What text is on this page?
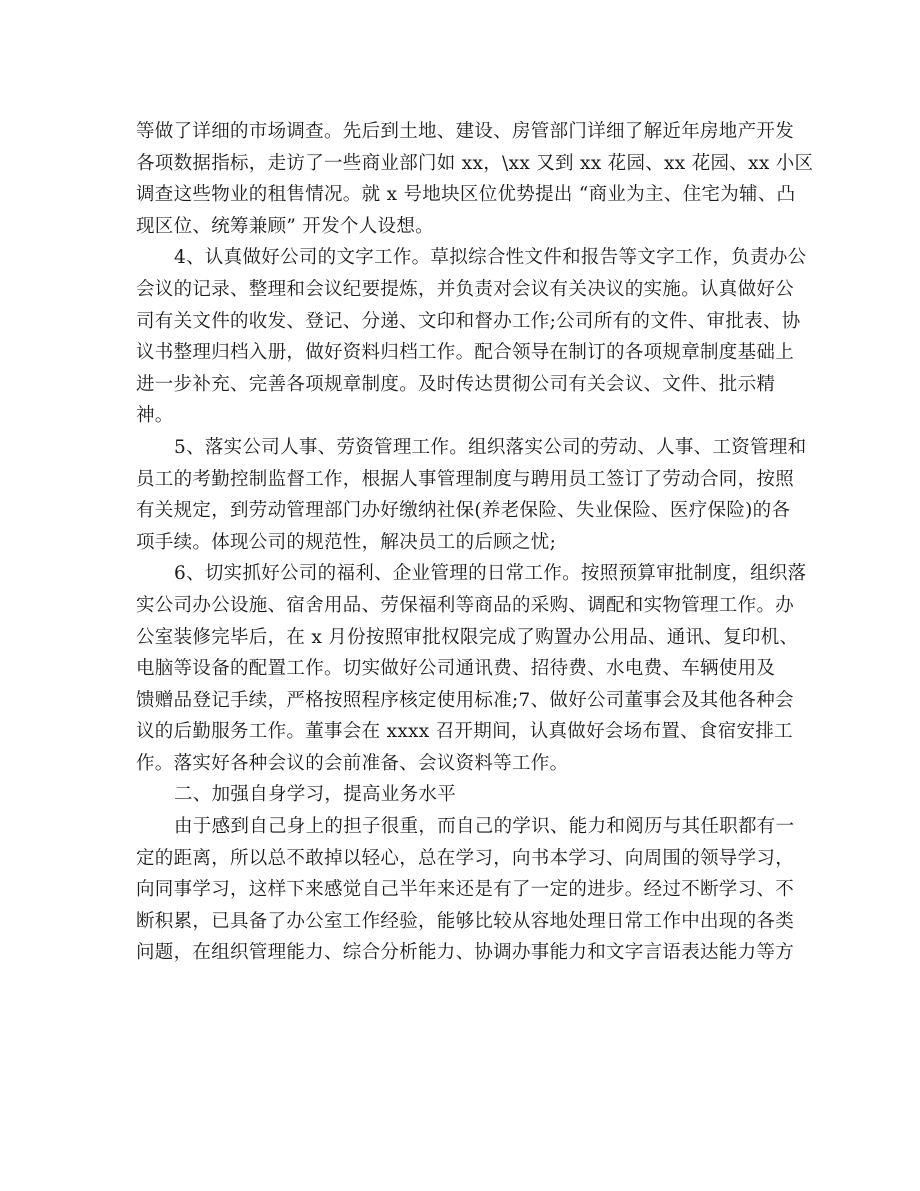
等做了详细的市场调查。先后到土地、建设、房管部门详细了解近年房地产开发
各项数据指标，走访了一些商业部门如 xx，\xx 又到 xx 花园、xx 花园、xx 小区
调查这些物业的租售情况。就 x 号地块区位优势提出 “商业为主、住宅为辅、凸
现区位、统筹兼顾” 开发个人设想。
4、认真做好公司的文字工作。草拟综合性文件和报告等文字工作，负责办公
会议的记录、整理和会议纪要提炼，并负责对会议有关决议的实施。认真做好公
司有关文件的收发、登记、分递、文印和督办工作;公司所有的文件、审批表、协
议书整理归档入册，做好资料归档工作。配合领导在制订的各项规章制度基础上
进一步补充、完善各项规章制度。及时传达贯彻公司有关会议、文件、批示精
神。
5、落实公司人事、劳资管理工作。组织落实公司的劳动、人事、工资管理和
员工的考勤控制监督工作，根据人事管理制度与聘用员工签订了劳动合同，按照
有关规定，到劳动管理部门办好缴纳社保(养老保险、失业保险、医疗保险)的各
项手续。体现公司的规范性，解决员工的后顾之忧;
6、切实抓好公司的福利、企业管理的日常工作。按照预算审批制度，组织落
实公司办公设施、宿舍用品、劳保福利等商品的采购、调配和实物管理工作。办
公室装修完毕后，在 x 月份按照审批权限完成了购置办公用品、通讯、复印机、
电脑等设备的配置工作。切实做好公司通讯费、招待费、水电费、车辆使用及
馈赠品登记手续，严格按照程序核定使用标准;7、做好公司董事会及其他各种会
议的后勤服务工作。董事会在 xxxx 召开期间，认真做好会场布置、食宿安排工
作。落实好各种会议的会前准备、会议资料等工作。
二、加强自身学习，提高业务水平
由于感到自己身上的担子很重，而自己的学识、能力和阅历与其任职都有一
定的距离，所以总不敢掉以轻心，总在学习，向书本学习、向周围的领导学习，
向同事学习，这样下来感觉自己半年来还是有了一定的进步。经过不断学习、不
断积累，已具备了办公室工作经验，能够比较从容地处理日常工作中出现的各类
问题，在组织管理能力、综合分析能力、协调办事能力和文字言语表达能力等方
